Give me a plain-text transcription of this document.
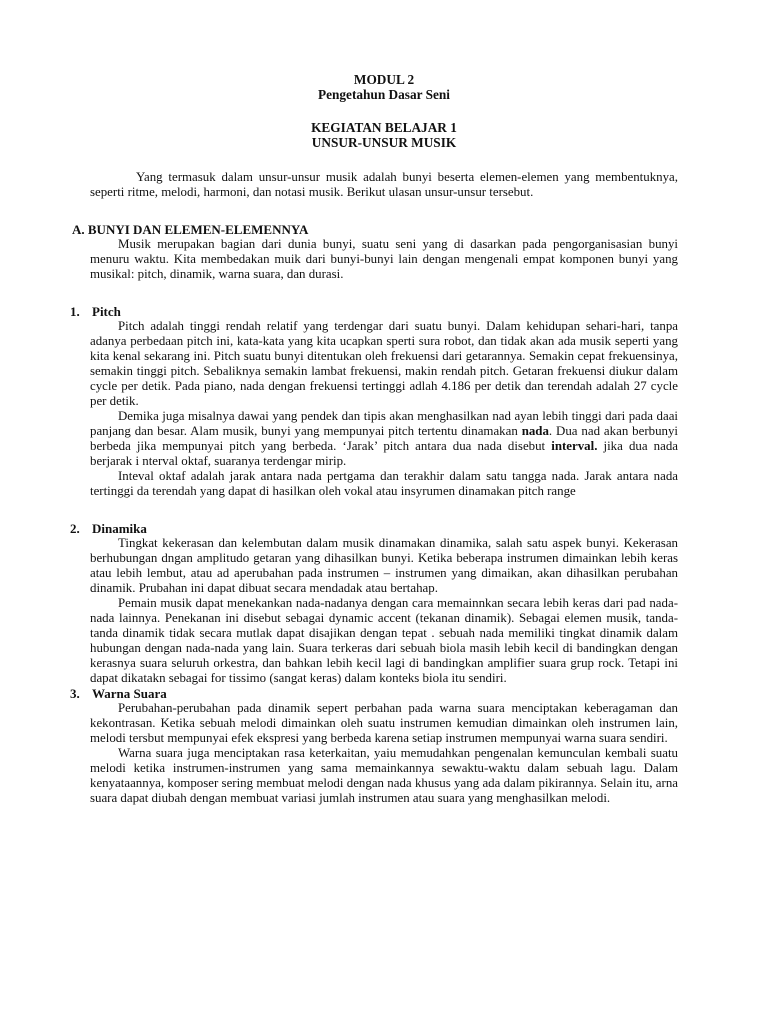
MODUL 2

Pengetahun Dasar Seni

KEGIATAN BELAJAR 1

UNSUR-UNSUR MUSIK

Yang termasuk dalam unsur-unsur musik adalah bunyi beserta elemen-elemen yang membentuknya, seperti ritme, melodi, harmoni, dan notasi musik. Berikut ulasan unsur-unsur tersebut.

A. BUNYI DAN ELEMEN-ELEMENNYA

Musik merupakan bagian dari dunia bunyi, suatu seni yang di dasarkan pada pengorganisasian bunyi menuru waktu. Kita membedakan muik dari bunyi-bunyi lain dengan mengenali empat komponen bunyi yang musikal: pitch, dinamik, warna suara, dan durasi.

1. Pitch

Pitch adalah tinggi rendah relatif yang terdengar dari suatu bunyi. Dalam kehidupan sehari-hari, tanpa adanya perbedaan pitch ini, kata-kata yang kita ucapkan sperti sura robot, dan tidak akan ada musik seperti yang kita kenal sekarang ini. Pitch suatu bunyi ditentukan oleh frekuensi dari getarannya. Semakin cepat frekuensinya, semakin tinggi pitch. Sebaliknya semakin lambat frekuensi, makin rendah pitch. Getaran frekuensi diukur dalam cycle per detik. Pada piano, nada dengan frekuensi tertinggi adlah 4.186 per detik dan terendah adalah 27 cycle per detik.

Demika juga misalnya dawai yang pendek dan tipis akan menghasilkan nad ayan lebih tinggi dari pada daai panjang dan besar. Alam musik, bunyi yang mempunyai pitch tertentu dinamakan nada. Dua nad akan berbunyi berbeda jika mempunyai pitch yang berbeda. ‘Jarak’ pitch antara dua nada disebut interval. jika dua nada berjarak i nterval oktaf, suaranya terdengar mirip.

Inteval oktaf adalah jarak antara nada pertgama dan terakhir dalam satu tangga nada. Jarak antara nada tertinggi da terendah yang dapat di hasilkan oleh vokal atau insyrumen dinamakan pitch range

2. Dinamika

Tingkat kekerasan dan kelembutan dalam musik dinamakan dinamika, salah satu aspek bunyi. Kekerasan berhubungan dngan amplitudo getaran yang dihasilkan bunyi. Ketika beberapa instrumen dimainkan lebih keras atau lebih lembut, atau ad aperubahan pada instrumen – instrumen yang dimaikan, akan dihasilkan perubahan dinamik. Prubahan ini dapat dibuat secara mendadak atau bertahap.

Pemain musik dapat menekankan nada-nadanya dengan cara memainnkan secara lebih keras dari pad nada-nada lainnya. Penekanan ini disebut sebagai dynamic accent (tekanan dinamik). Sebagai elemen musik, tanda-tanda dinamik tidak secara mutlak dapat disajikan dengan tepat . sebuah nada memiliki tingkat dinamik dalam hubungan dengan nada-nada yang lain. Suara terkeras dari sebuah biola masih lebih kecil di bandingkan dengan kerasnya suara seluruh orkestra, dan bahkan lebih kecil lagi di bandingkan amplifier suara grup rock. Tetapi ini dapat dikatakn sebagai for tissimo (sangat keras) dalam konteks biola itu sendiri.

3. Warna Suara

Perubahan-perubahan pada dinamik sepert perbahan pada warna suara menciptakan keberagaman dan kekontrasan. Ketika sebuah melodi dimainkan oleh suatu instrumen kemudian dimainkan oleh instrumen lain, melodi tersbut mempunyai efek ekspresi yang berbeda karena setiap instrumen mempunyai warna suara sendiri.

Warna suara juga menciptakan rasa keterkaitan, yaiu memudahkan pengenalan kemunculan kembali suatu melodi ketika instrumen-instrumen yang sama memainkannya sewaktu-waktu dalam sebuah lagu. Dalam kenyataannya, komposer sering membuat melodi dengan nada khusus yang ada dalam pikirannya. Selain itu, arna suara dapat diubah dengan membuat variasi jumlah instrumen atau suara yang menghasilkan melodi.
